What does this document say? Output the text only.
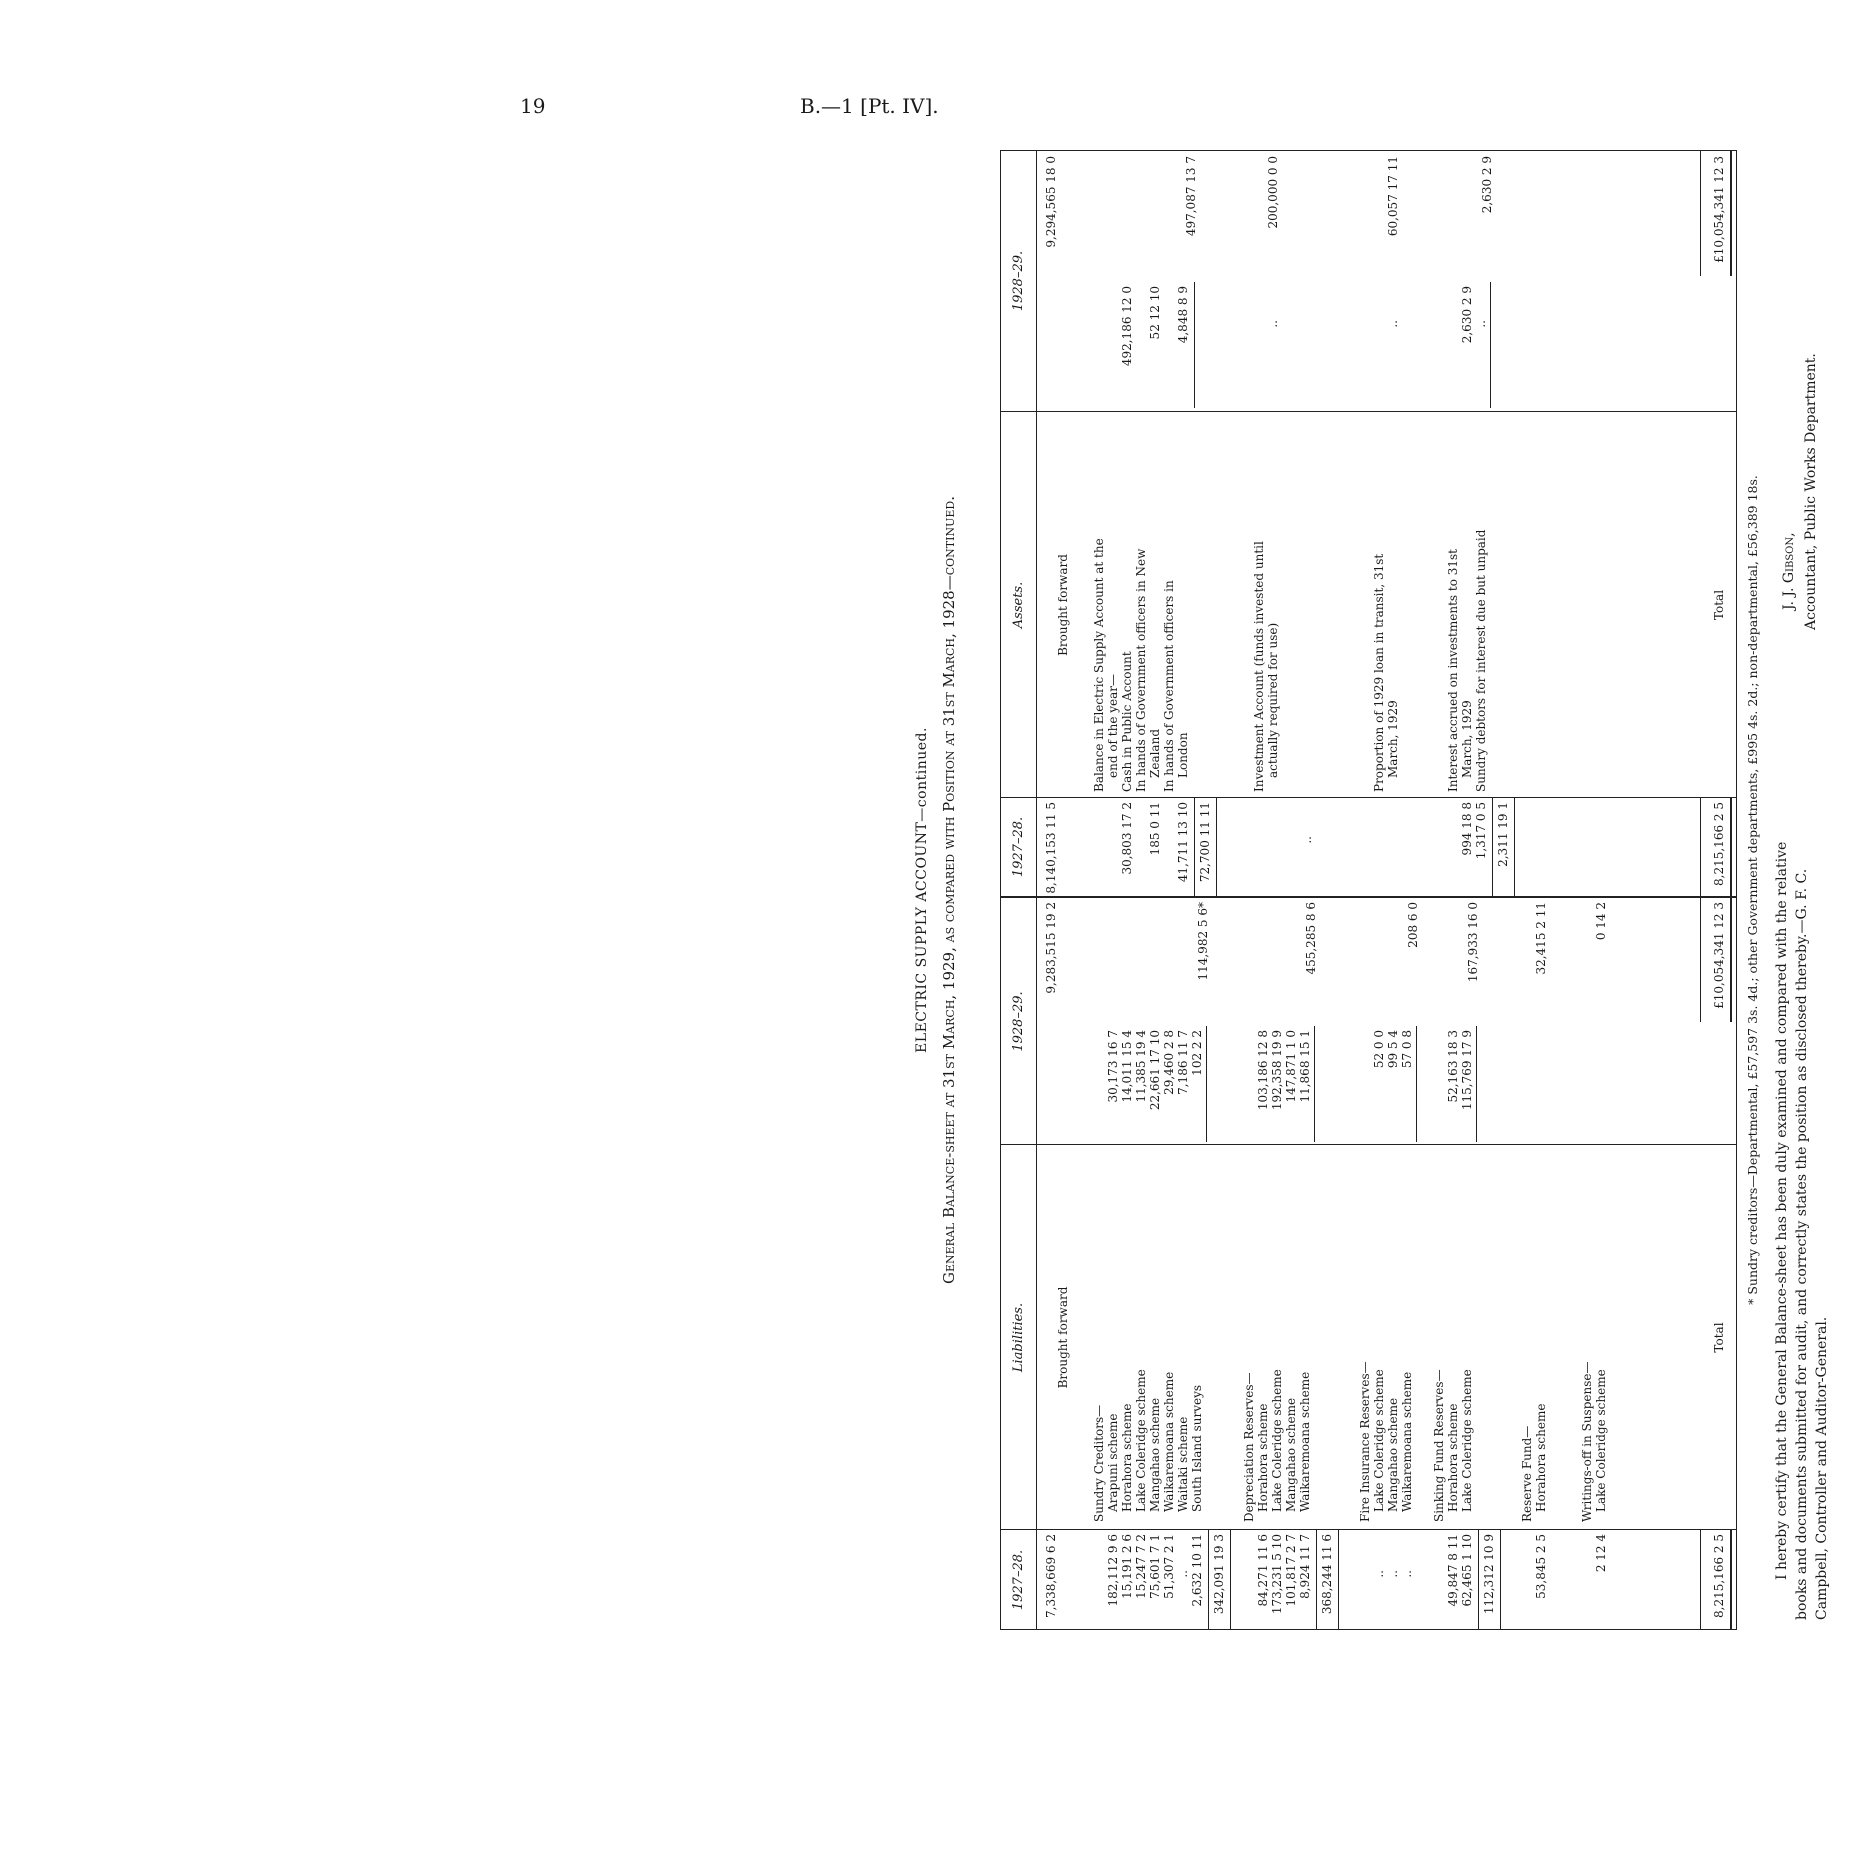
19	B.—1 [Pt. IV].
ELECTRIC SUPPLY ACCOUNT—continued. General Balance-sheet at 31st March, 1929, as compared with Position at 31st March, 1928—continued.
1927–28.
Liabilities.
1928–29.
1927–28.
Assets.
1928–29.
7,338,669 6 2
Brought forward
9,283,515 19 2
Sundry Creditors—
182,112 9 6
Arapuni scheme
30,173 16 7
15,191 2 6
Horahora scheme
14,011 15 4
15,247 7 2
Lake Coleridge scheme
11,385 19 4
75,601 7 1
Mangahao scheme
22,661 17 10
51,307 2 1
Waikaremoana scheme
29,460 2 8
..
Waitaki scheme
7,186 11 7
2,632 10 11
South Island surveys
102 2 2
342,091 19 3
114,982 5 6*
Depreciation Reserves—
84,271 11 6
Horahora scheme
103,186 12 8
173,231 5 10
Lake Coleridge scheme
192,358 19 9
101,817 2 7
Mangahao scheme
147,871 1 0
8,924 11 7
Waikaremoana scheme
11,868 15 1
368,244 11 6
455,285 8 6
Fire Insurance Reserves—
..
Lake Coleridge scheme
52 0 0
..
Mangahao scheme
99 5 4
..
Waikaremoana scheme
57 0 8
208 6 0
Sinking Fund Reserves—
49,847 8 11
Horahora scheme
52,163 18 3
62,465 1 10
Lake Coleridge scheme
115,769 17 9
112,312 10 9
167,933 16 0
Reserve Fund— Horahora scheme
53,845 2 5
32,415 2 11
Writings-off in Suspense— Lake Coleridge scheme
2 12 4
0 14 2
8,215,166 2 5
Total
£10,054,341 12 3
8,140,153 11 5
Brought forward
9,294,565 18 0
Balance in Electric Supply Account at the end of the year— Cash in Public Account
30,803 17 2
492,186 12 0
In hands of Government officers in New Zealand
185 0 11
52 12 10
In hands of Government officers in London
41,711 13 10
4,848 8 9
72,700 11 11
497,087 13 7
Investment Account (funds invested until actually required for use)
..
..
200,000 0 0
Proportion of 1929 loan in transit, 31st March, 1929
..
60,057 17 11
Interest accrued on investments to 31st March, 1929
994 18 8
2,630 2 9
Sundry debtors for interest due but unpaid
1,317 0 5
..
2,311 19 1
2,630 2 9
8,215,166 2 5
Total
£10,054,341 12 3
* Sundry creditors—Departmental, £57,597 3s. 4d.; other Government departments, £995 4s. 2d.; non-departmental, £56,389 18s. I hereby certify that the General Balance-sheet has been duly examined and compared with the relative books and documents submitted for audit, and correctly states the position as disclosed thereby.—G. F. C. Campbell, Controller and Auditor-General.
J. J. Gibson, Accountant, Public Works Department.
